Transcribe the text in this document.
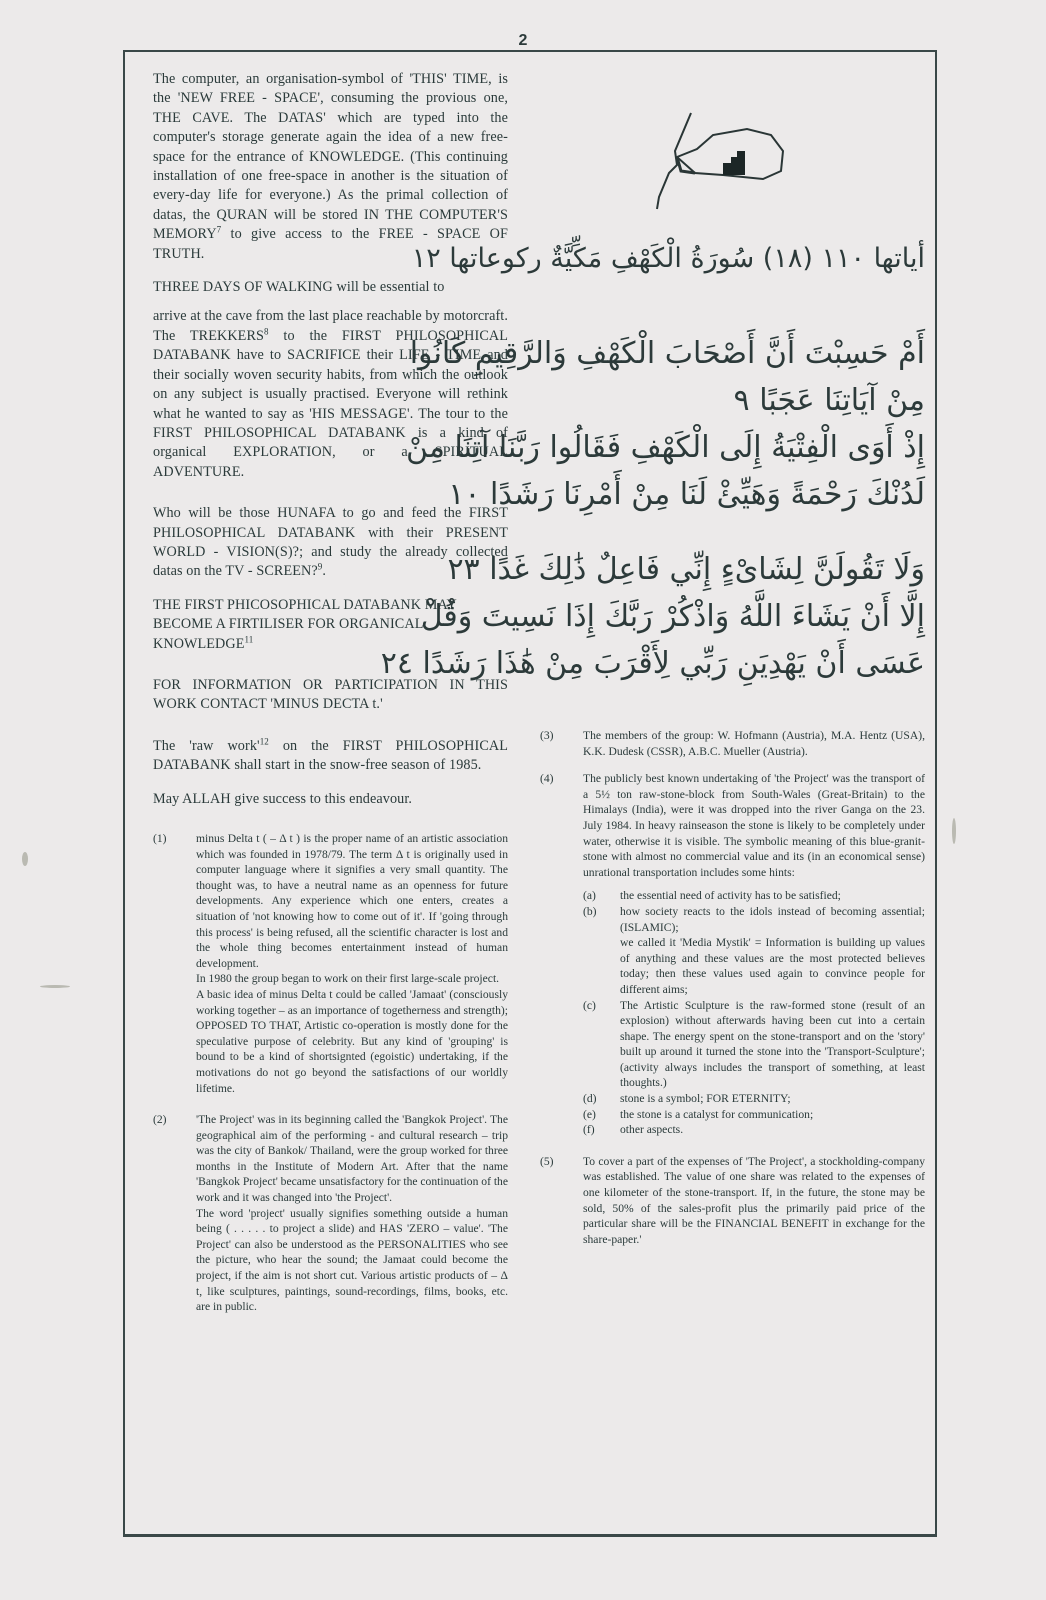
2

The computer, an organisation-symbol of 'THIS' TIME, is the 'NEW FREE - SPACE', consuming the provious one, THE CAVE. The DATAS' which are typed into the computer's storage generate again the idea of a new free-space for the entrance of KNOWLEDGE. (This continuing installation of one free-space in another is the situation of every-day life for everyone.) As the primal collection of datas, the QURAN will be stored IN THE COMPUTER'S MEMORY$^7$ to give access to the FREE - SPACE OF TRUTH.

THREE DAYS OF WALKING will be essential to

arrive at the cave from the last place reachable by motorcraft. The TREKKERS$^8$ to the FIRST PHILOSOPHICAL DATABANK have to SACRIFICE their LIFE - TIME and their socially woven security habits, from which the outlook on any subject is usually practised. Everyone will rethink what he wanted to say as 'HIS MESSAGE'. The tour to the FIRST PHILOSOPHICAL DATABANK is a kind of organical EXPLORATION, or a SPIRITUAL ADVENTURE.

Who will be those HUNAFA to go and feed the FIRST PHILOSOPHICAL DATABANK with their PRESENT WORLD - VISION(S)?; and study the already collected datas on the TV - SCREEN?$^9$.

THE FIRST PHICOSOPHICAL DATABANK MAY BECOME A FIRTILISER FOR ORGANICAL KNOWLEDGE$^{11}$

FOR INFORMATION OR PARTICIPATION IN THIS WORK CONTACT 'MINUS DECTA t.'

The 'raw $work'^{12}$ on the FIRST PHILOSOPHICAL DATABANK shall start in the snow-free season of 1985.

May ALLAH give success to this endeavour.

(1)	minus Delta t ( – Δ t ) is the proper name of an artistic association which was founded in 1978/79. The term Δ t is originally used in computer language where it signifies a very small quantity. The thought was, to have a neutral name as an openness for future developments. Any experience which one enters, creates a situation of 'not knowing how to come out of it'. If 'going through this process' is being refused, all the scientific character is lost and the whole thing becomes entertainment instead of human development.

In 1980 the group began to work on their first large-scale project.

A basic idea of minus Delta t could be called 'Jamaat' (consciously working together – as an importance of togetherness and strength); OPPOSED TO THAT, Artistic co-operation is mostly done for the speculative purpose of celebrity. But any kind of 'grouping' is bound to be a kind of shortsignted (egoistic) undertaking, if the motivations do not go beyond the satisfactions of our worldly lifetime.

(2)	'The Project' was in its beginning called the 'Bangkok Project'. The geographical aim of the performing - and cultural research – trip was the city of Bankok/ Thailand, were the group worked for three months in the Institute of Modern Art. After that the name 'Bangkok Project' became unsatisfactory for the continuation of the work and it was changed into 'the Project'.

The word 'project' usually signifies something outside a human being ( . . . . . to project a slide) and HAS 'ZERO – value'. 'The Project' can also be understood as the PERSONALITIES who see the picture, who hear the sound; the Jamaat could become the project, if the aim is not short cut. Various artistic products of – Δ t, like sculptures, paintings, sound-recordings, films, books, etc. are in public.

أياتها ١١٠ (١٨) سُورَةُ الْكَهْفِ مَكِّيَّةٌ ركوعاتها ١٢

أَمْ حَسِبْتَ أَنَّ أَصْحَابَ الْكَهْفِ وَالرَّقِيمِ كَانُوا

مِنْ آيَاتِنَا عَجَبًا ٩

إِذْ أَوَى الْفِتْيَةُ إِلَى الْكَهْفِ فَقَالُوا رَبَّنَا آتِنَا مِنْ

لَدُنْكَ رَحْمَةً وَهَيِّئْ لَنَا مِنْ أَمْرِنَا رَشَدًا ١٠

وَلَا تَقُولَنَّ لِشَاىْءٍ إِنِّي فَاعِلٌ ذَٰلِكَ غَدًا ٢٣

إِلَّا أَنْ يَشَاءَ اللَّهُ وَاذْكُرْ رَبَّكَ إِذَا نَسِيتَ وَقُلْ

عَسَى أَنْ يَهْدِيَنِ رَبِّي لِأَقْرَبَ مِنْ هَٰذَا رَشَدًا ٢٤

(3)	The members of the group: W. Hofmann (Austria), M.A. Hentz (USA), K.K. Dudesk (CSSR), A.B.C. Mueller (Austria).

(4)	The publicly best known undertaking of 'the Project' was the transport of a 5½ ton raw-stone-block from South-Wales (Great-Britain) to the Himalays (India), were it was dropped into the river Ganga on the 23. July 1984. In heavy rainseason the stone is likely to be completely under water, otherwise it is visible. The symbolic meaning of this blue-granit-stone with almost no commercial value and its (in an economical sense) unrational transportation includes some hints:

(a)	the essential need of activity has to be satisfied;

(b)	how society reacts to the idols instead of becoming assential; (ISLAMIC);

we called it 'Media Mystik' = Information is building up values of anything and these values are the most protected believes today; then these values used again to convince people for different aims;

(c)	The Artistic Sculpture is the raw-formed stone (result of an explosion) without afterwards having been cut into a certain shape. The energy spent on the stone-transport and on the 'story' built up around it turned the stone into the 'Transport-Sculpture'; (activity always includes the transport of something, at least thoughts.)

(d)	stone is a symbol; FOR ETERNITY;

(e)	the stone is a catalyst for communication;

(f)	other aspects.

(5)	To cover a part of the expenses of 'The Project', a stockholding-company was established. The value of one share was related to the expenses of one kilometer of the stone-transport. If, in the future, the stone may be sold, 50% of the sales-profit plus the primarily paid price of the particular share will be the FINANCIAL BENEFIT in exchange for the share-paper.'
